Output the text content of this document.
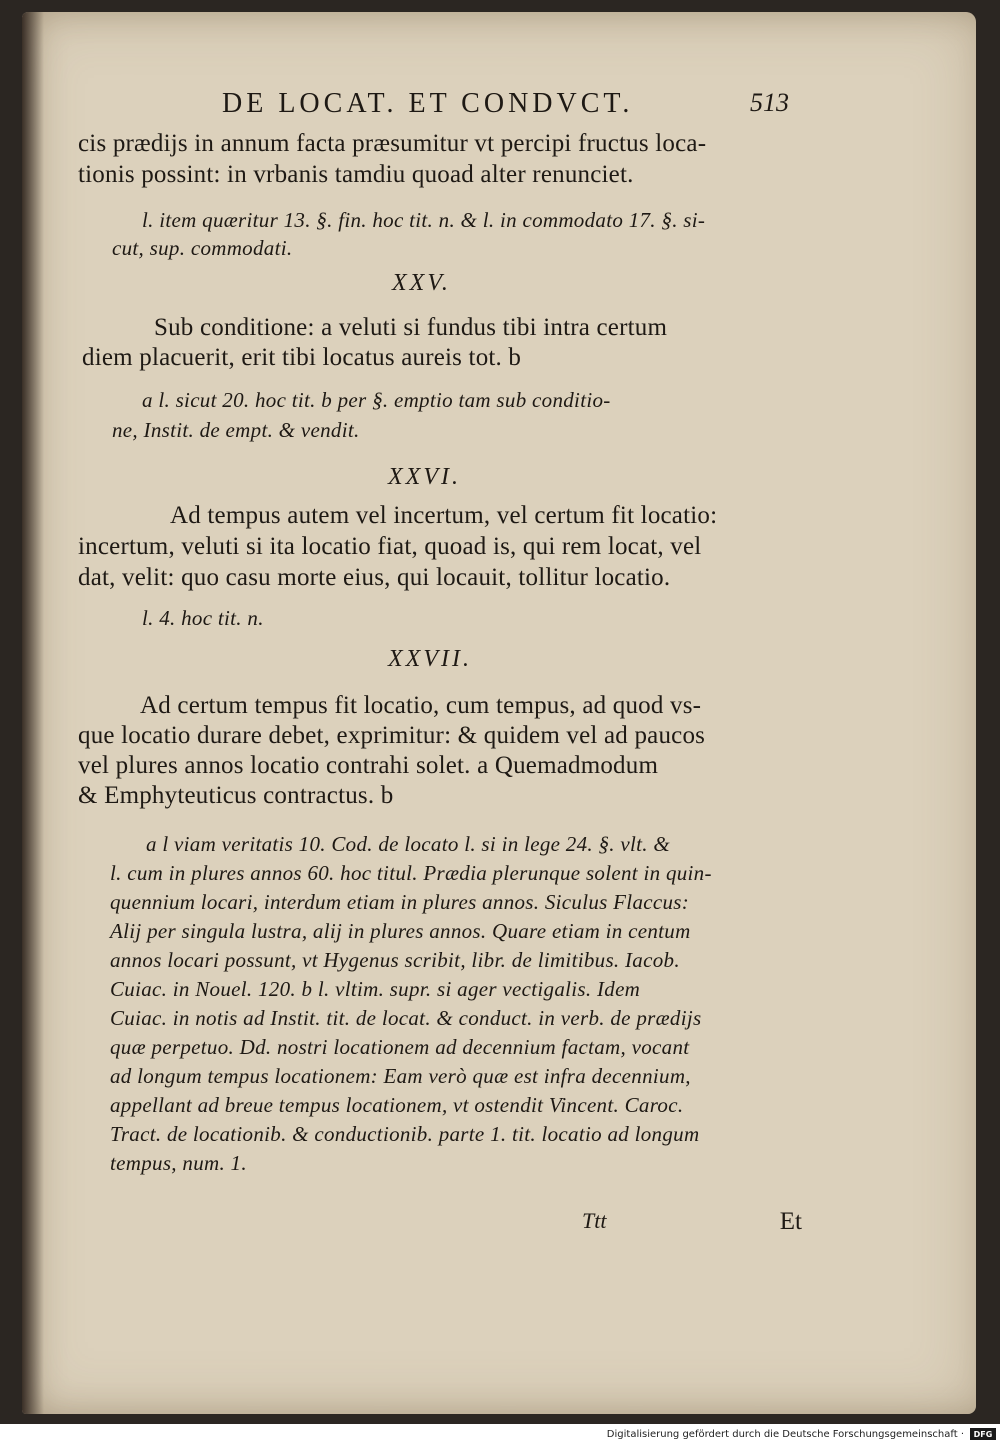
DE LOCAT. ET CONDVCT.	513
cis prædijs in annum facta præsumitur vt percipi fructus loca-
tionis possint: in vrbanis tamdiu quoad alter renunciet.
l. item quæritur 13. §. fin. hoc tit. n. & l. in commodato 17. §. si-
cut, sup. commodati.
XXV.
Sub conditione: a veluti si fundus tibi intra certum
diem placuerit, erit tibi locatus aureis tot. b
a l. sicut 20. hoc tit. b per §. emptio tam sub conditio-
ne, Instit. de empt. & vendit.
XXVI.
Ad tempus autem vel incertum, vel certum fit locatio:
incertum, veluti si ita locatio fiat, quoad is, qui rem locat, vel
dat, velit: quo casu morte eius, qui locauit, tollitur locatio.
l. 4. hoc tit. n.
XXVII.
Ad certum tempus fit locatio, cum tempus, ad quod vs-
que locatio durare debet, exprimitur: & quidem vel ad paucos
vel plures annos locatio contrahi solet. a Quemadmodum
& Emphyteuticus contractus. b
a l viam veritatis 10. Cod. de locato l. si in lege 24. §. vlt. &
l. cum in plures annos 60. hoc titul. Prædia plerunque solent in quin-
quennium locari, interdum etiam in plures annos. Siculus Flaccus:
Alij per singula lustra, alij in plures annos. Quare etiam in centum
annos locari possunt, vt Hygenus scribit, libr. de limitibus. Iacob.
Cuiac. in Nouel. 120. b l. vltim. supr. si ager vectigalis. Idem
Cuiac. in notis ad Instit. tit. de locat. & conduct. in verb. de prædijs
quæ perpetuo. Dd. nostri locationem ad decennium factam, vocant
ad longum tempus locationem: Eam verò quæ est infra decennium,
appellant ad breue tempus locationem, vt ostendit Vincent. Caroc.
Tract. de locationib. & conductionib. parte 1. tit. locatio ad longum
tempus, num. 1.
Ttt	Et
Digitalisierung gefördert durch die Deutsche Forschungsgemeinschaft ·	DFG
